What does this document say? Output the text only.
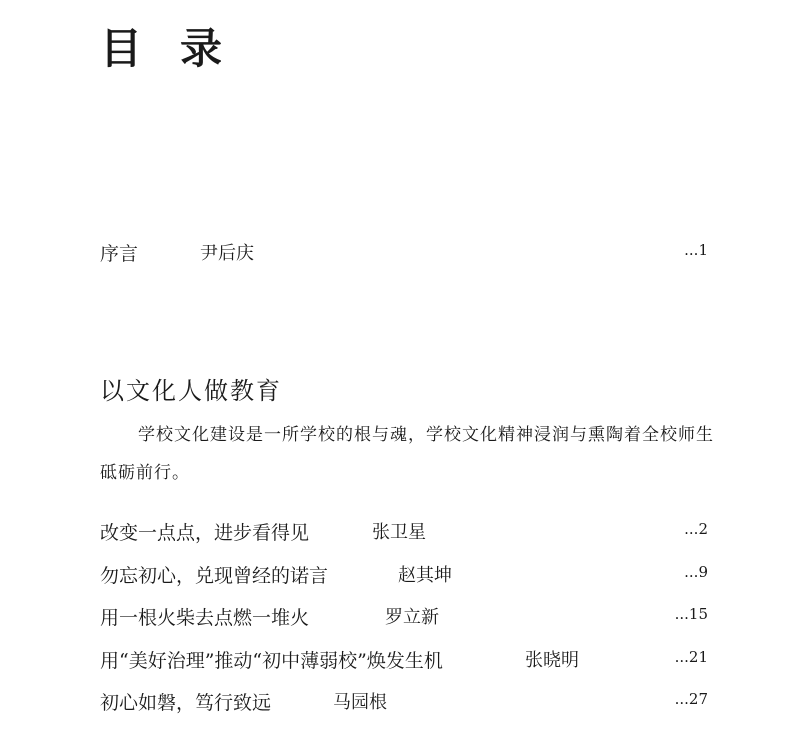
目 录
序言	尹后庆	...1
以文化人做教育
学校文化建设是一所学校的根与魂，学校文化精神浸润与熏陶着全校师生砥砺前行。
改变一点点，进步看得见	张卫星	...2
勿忘初心，兑现曾经的诺言	赵其坤	...9
用一根火柴去点燃一堆火	罗立新	...15
用“美好治理”推动“初中薄弱校”焕发生机	张晓明	...21
初心如磐，笃行致远	马园根	...27
